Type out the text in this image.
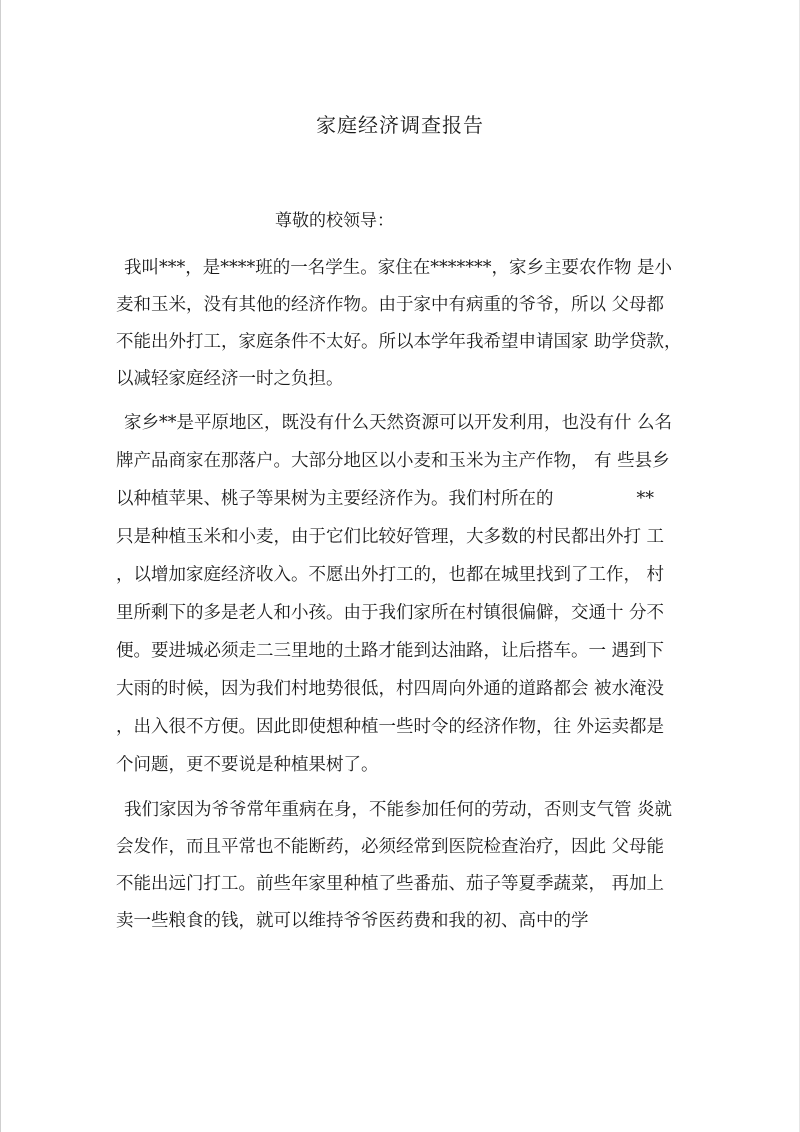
家庭经济调查报告
尊敬的校领导：
我叫***，是****班的一名学生。家住在*******，家乡主要农作物 是小
麦和玉米，没有其他的经济作物。由于家中有病重的爷爷，所以 父母都
不能出外打工，家庭条件不太好。所以本学年我希望申请国家 助学贷款，
以减轻家庭经济一时之负担。
家乡**是平原地区，既没有什么天然资源可以开发利用，也没有什 么名
牌产品商家在那落户。大部分地区以小麦和玉米为主产作物， 有 些县乡
以种植苹果、桃子等果树为主要经济作为。我们村所在的	**
只是种植玉米和小麦，由于它们比较好管理，大多数的村民都出外打 工
，以增加家庭经济收入。不愿出外打工的，也都在城里找到了工作， 村
里所剩下的多是老人和小孩。由于我们家所在村镇很偏僻，交通十 分不
便。要进城必须走二三里地的土路才能到达油路，让后搭车。一 遇到下
大雨的时候，因为我们村地势很低，村四周向外通的道路都会 被水淹没
，出入很不方便。因此即使想种植一些时令的经济作物，往 外运卖都是
个问题，更不要说是种植果树了。
我们家因为爷爷常年重病在身，不能参加任何的劳动，否则支气管 炎就
会发作，而且平常也不能断药，必须经常到医院检查治疗，因此 父母能
不能出远门打工。前些年家里种植了些番茄、茄子等夏季蔬菜， 再加上
卖一些粮食的钱，就可以维持爷爷医药费和我的初、高中的学
